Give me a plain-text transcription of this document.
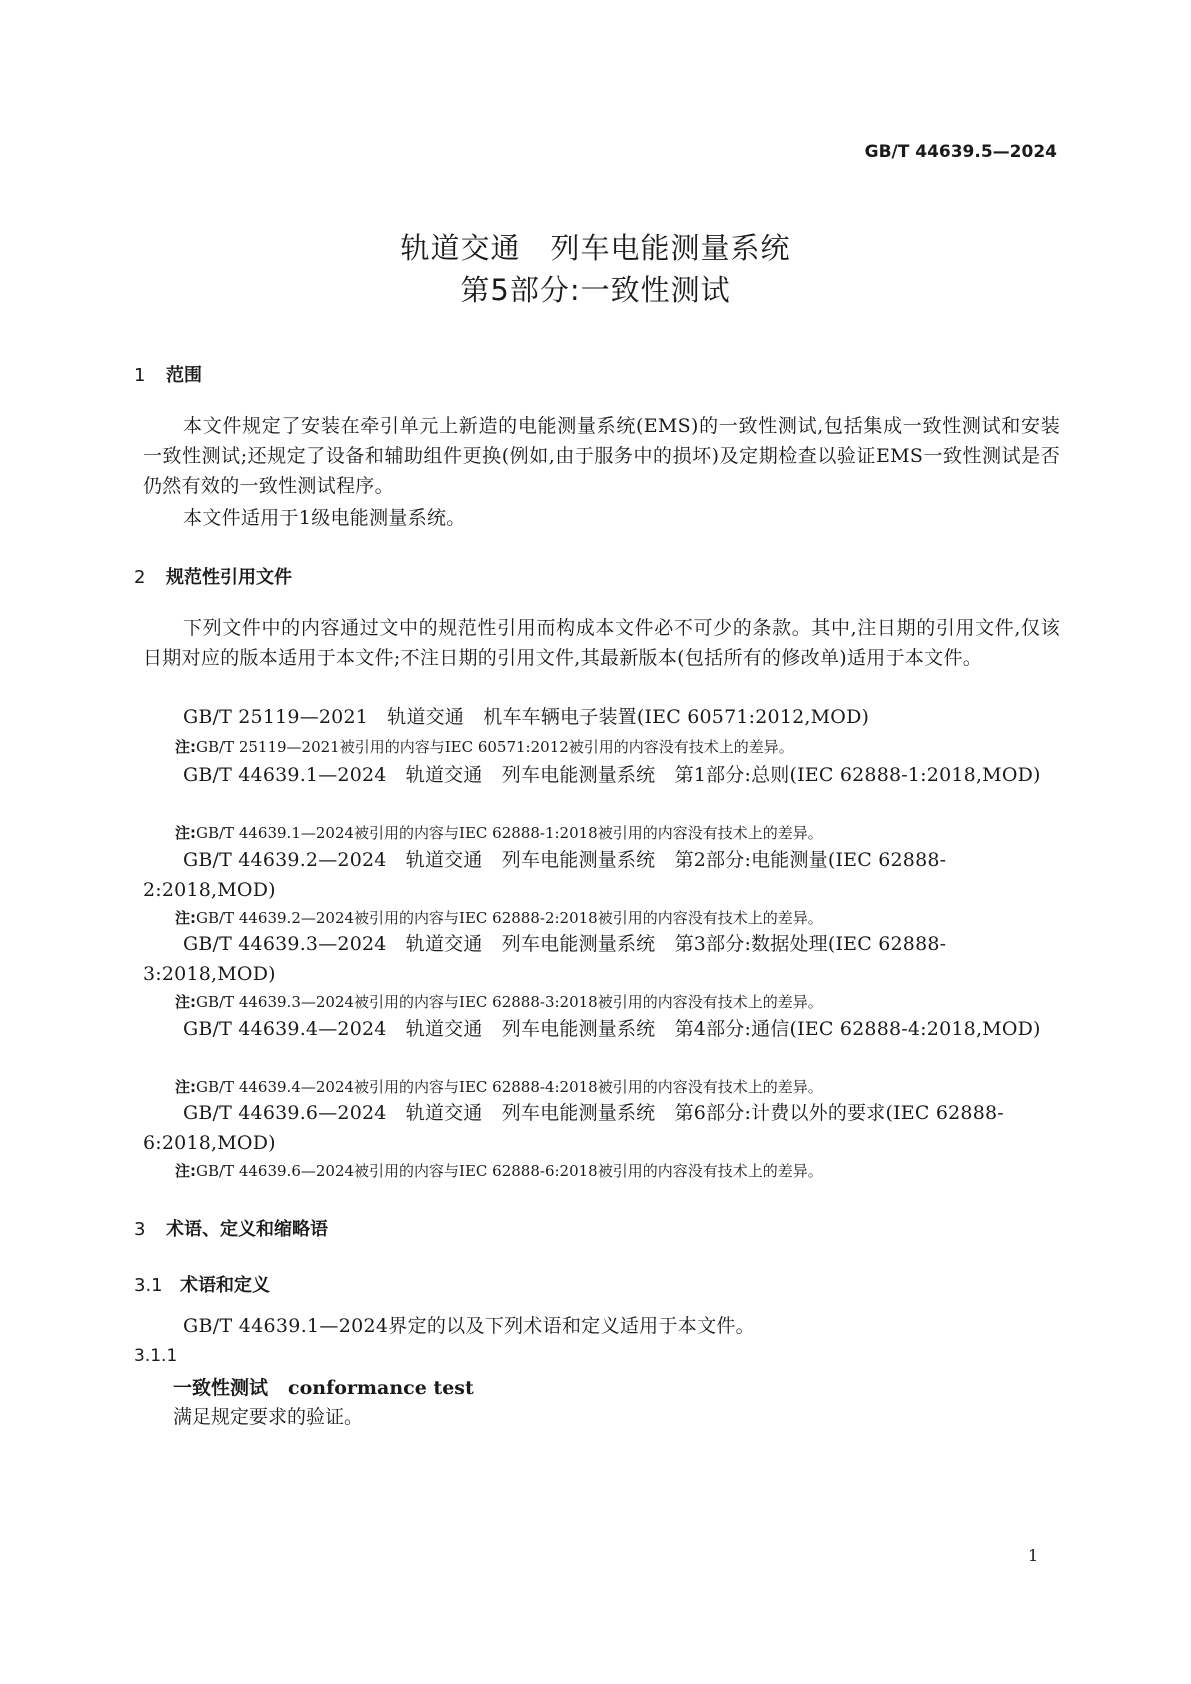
GB/T 44639.5—2024
轨道交通　列车电能测量系统
第5部分:一致性测试
1 范围
本文件规定了安装在牵引单元上新造的电能测量系统(EMS)的一致性测试,包括集成一致性测试和安装一致性测试;还规定了设备和辅助组件更换(例如,由于服务中的损坏)及定期检查以验证EMS一致性测试是否仍然有效的一致性测试程序。
本文件适用于1级电能测量系统。
2 规范性引用文件
下列文件中的内容通过文中的规范性引用而构成本文件必不可少的条款。其中,注日期的引用文件,仅该日期对应的版本适用于本文件;不注日期的引用文件,其最新版本(包括所有的修改单)适用于本文件。
GB/T 25119—2021　轨道交通　机车车辆电子装置(IEC 60571:2012,MOD)
注:GB/T 25119—2021被引用的内容与IEC 60571:2012被引用的内容没有技术上的差异。
GB/T 44639.1—2024　轨道交通　列车电能测量系统　第1部分:总则(IEC 62888-1:2018,MOD)
注:GB/T 44639.1—2024被引用的内容与IEC 62888-1:2018被引用的内容没有技术上的差异。
GB/T 44639.2—2024　轨道交通　列车电能测量系统　第2部分:电能测量(IEC 62888-2:2018,MOD)
注:GB/T 44639.2—2024被引用的内容与IEC 62888-2:2018被引用的内容没有技术上的差异。
GB/T 44639.3—2024　轨道交通　列车电能测量系统　第3部分:数据处理(IEC 62888-3:2018,MOD)
注:GB/T 44639.3—2024被引用的内容与IEC 62888-3:2018被引用的内容没有技术上的差异。
GB/T 44639.4—2024　轨道交通　列车电能测量系统　第4部分:通信(IEC 62888-4:2018,MOD)
注:GB/T 44639.4—2024被引用的内容与IEC 62888-4:2018被引用的内容没有技术上的差异。
GB/T 44639.6—2024　轨道交通　列车电能测量系统　第6部分:计费以外的要求(IEC 62888-6:2018,MOD)
注:GB/T 44639.6—2024被引用的内容与IEC 62888-6:2018被引用的内容没有技术上的差异。
3 术语、定义和缩略语
3.1 术语和定义
GB/T 44639.1—2024界定的以及下列术语和定义适用于本文件。
3.1.1
一致性测试 conformance test
满足规定要求的验证。
1
